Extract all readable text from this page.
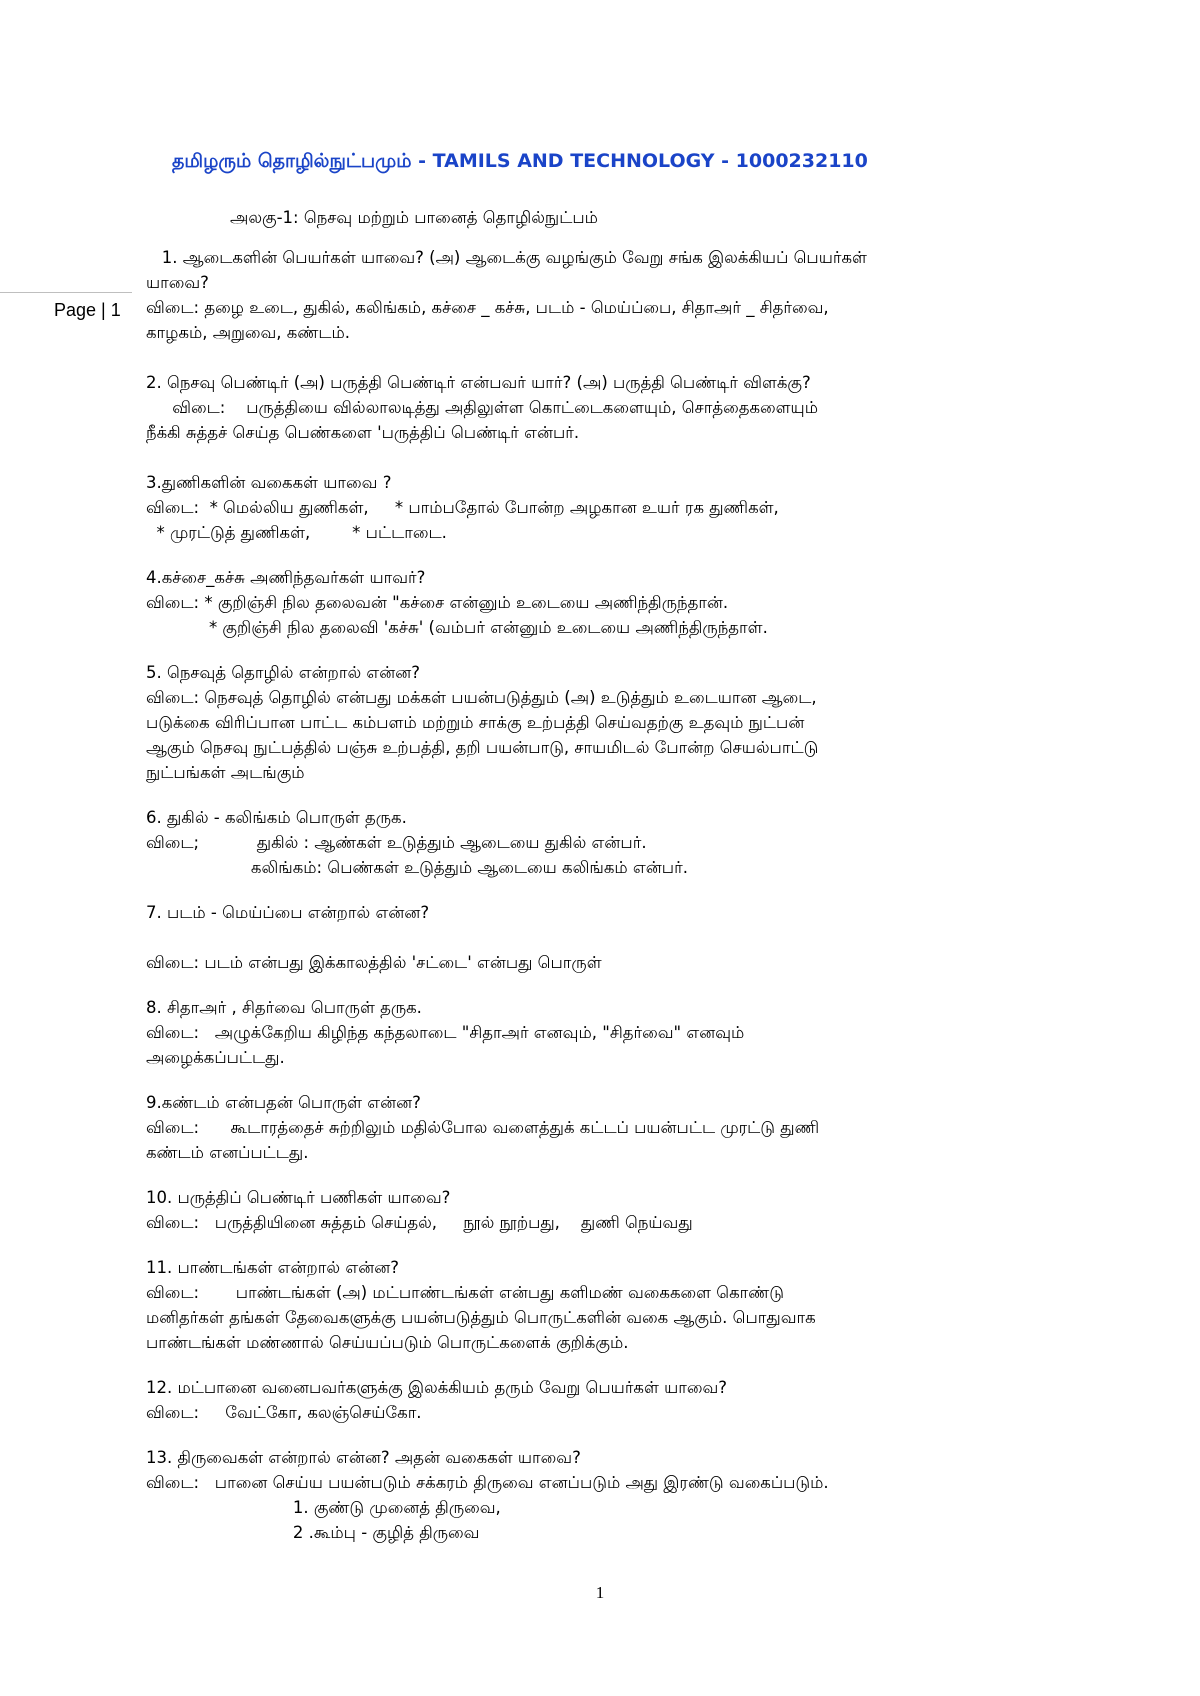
Page | 1
தமிழரும் தொழில்நுட்பமும் - TAMILS AND TECHNOLOGY - 1000232110
அலகு-1: நெசவு மற்றும் பானைத் தொழில்நுட்பம்
1. ஆடைகளின் பெயர்கள் யாவை? (அ) ஆடைக்கு வழங்கும் வேறு சங்க இலக்கியப் பெயர்கள்
யாவை?
விடை: தழை உடை, துகில், கலிங்கம், கச்சை _ கச்சு, படம் - மெய்ப்பை, சிதாஅர் _ சிதர்வை,
காழகம், அறுவை, கண்டம்.
2. நெசவு பெண்டிர் (அ) பருத்தி பெண்டிர் என்பவர் யார்? (அ) பருத்தி பெண்டிர் விளக்கு?
விடை:    பருத்தியை வில்லாலடித்து அதிலுள்ள கொட்டைகளையும், சொத்தைகளையும்
நீக்கி சுத்தச் செய்த பெண்களை 'பருத்திப் பெண்டிர் என்பர்.
3.துணிகளின் வகைகள் யாவை ?
விடை:  * மெல்லிய துணிகள்,     * பாம்பதோல் போன்ற அழகான உயர் ரக துணிகள்,
* முரட்டுத் துணிகள்,        * பட்டாடை.
4.கச்சை_கச்சு அணிந்தவர்கள் யாவர்?
விடை: * குறிஞ்சி நில தலைவன் "கச்சை என்னும் உடையை அணிந்திருந்தான்.
* குறிஞ்சி நில தலைவி 'கச்சு' (வம்பர் என்னும் உடையை அணிந்திருந்தாள்.
5. நெசவுத் தொழில் என்றால் என்ன?
விடை: நெசவுத் தொழில் என்பது மக்கள் பயன்படுத்தும் (அ) உடுத்தும் உடையான ஆடை,
படுக்கை விரிப்பான பாட்ட கம்பளம் மற்றும் சாக்கு உற்பத்தி செய்வதற்கு உதவும் நுட்பன்
ஆகும் நெசவு நுட்பத்தில் பஞ்சு உற்பத்தி, தறி பயன்பாடு, சாயமிடல் போன்ற செயல்பாட்டு
நுட்பங்கள் அடங்கும்
6. துகில் - கலிங்கம் பொருள் தருக.
விடை;           துகில் : ஆண்கள் உடுத்தும் ஆடையை துகில் என்பர்.
கலிங்கம்: பெண்கள் உடுத்தும் ஆடையை கலிங்கம் என்பர்.
7. படம் - மெய்ப்பை என்றால் என்ன?

விடை: படம் என்பது இக்காலத்தில் 'சட்டை' என்பது பொருள்
8. சிதாஅர் , சிதர்வை பொருள் தருக.
விடை:   அழுக்கேறிய கிழிந்த கந்தலாடை "சிதாஅர் எனவும், "சிதர்வை" எனவும்
அழைக்கப்பட்டது.
9.கண்டம் என்பதன் பொருள் என்ன?
விடை:      கூடாரத்தைச் சுற்றிலும் மதில்போல வளைத்துக் கட்டப் பயன்பட்ட முரட்டு துணி
கண்டம் எனப்பட்டது.
10. பருத்திப் பெண்டிர் பணிகள் யாவை?
விடை:   பருத்தியினை சுத்தம் செய்தல்,     நூல் நூற்பது,    துணி நெய்வது
11. பாண்டங்கள் என்றால் என்ன?
விடை:       பாண்டங்கள் (அ) மட்பாண்டங்கள் என்பது களிமண் வகைகளை கொண்டு
மனிதர்கள் தங்கள் தேவைகளுக்கு பயன்படுத்தும் பொருட்களின் வகை ஆகும். பொதுவாக
பாண்டங்கள் மண்ணால் செய்யப்படும் பொருட்களைக் குறிக்கும்.
12. மட்பானை வனைபவர்களுக்கு இலக்கியம் தரும் வேறு பெயர்கள் யாவை?
விடை:     வேட்கோ, கலஞ்செய்கோ.
13. திருவைகள் என்றால் என்ன? அதன் வகைகள் யாவை?
விடை:   பானை செய்ய பயன்படும் சக்கரம் திருவை எனப்படும் அது இரண்டு வகைப்படும்.
1. குண்டு முனைத் திருவை,
2 .கூம்பு - குழித் திருவை
1
